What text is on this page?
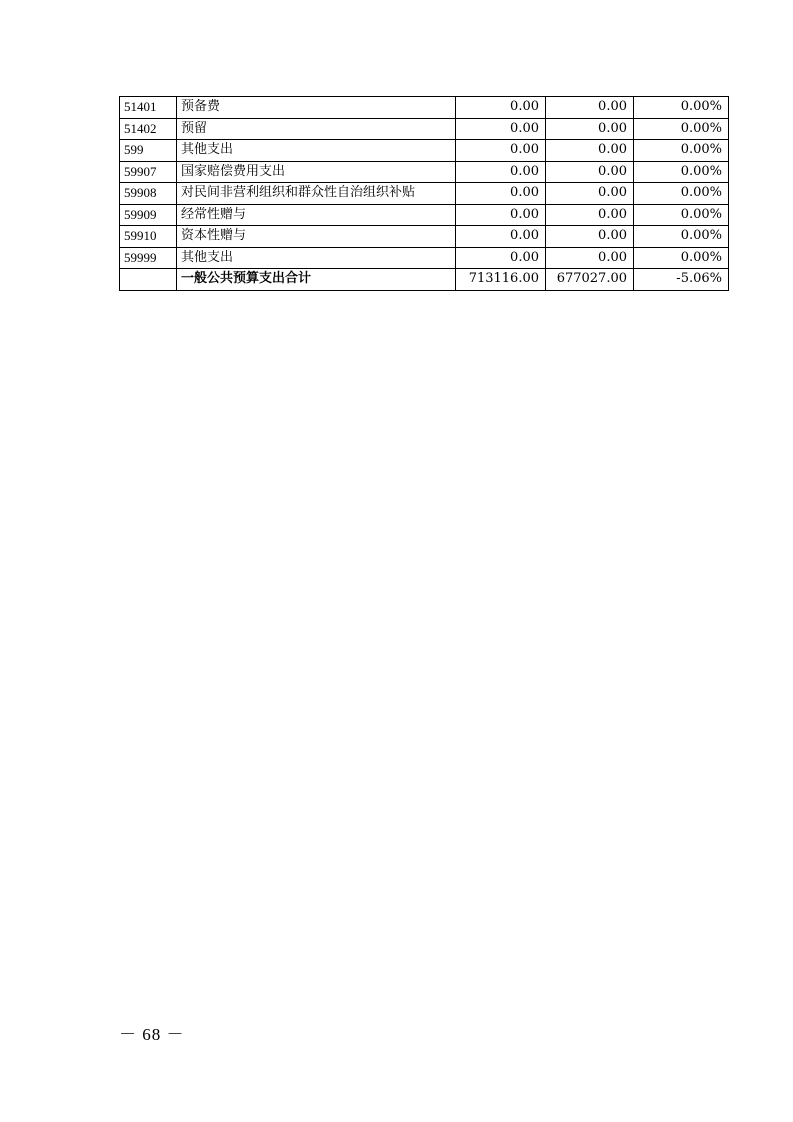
51401	预备费	0.00	0.00	0.00%
51402	预留	0.00	0.00	0.00%
599	其他支出	0.00	0.00	0.00%
59907	国家赔偿费用支出	0.00	0.00	0.00%
59908	对民间非营利组织和群众性自治组织补贴	0.00	0.00	0.00%
59909	经常性赠与	0.00	0.00	0.00%
59910	资本性赠与	0.00	0.00	0.00%
59999	其他支出	0.00	0.00	0.00%
	一般公共预算支出合计	713116.00	677027.00	-5.06%
－ 68 －
